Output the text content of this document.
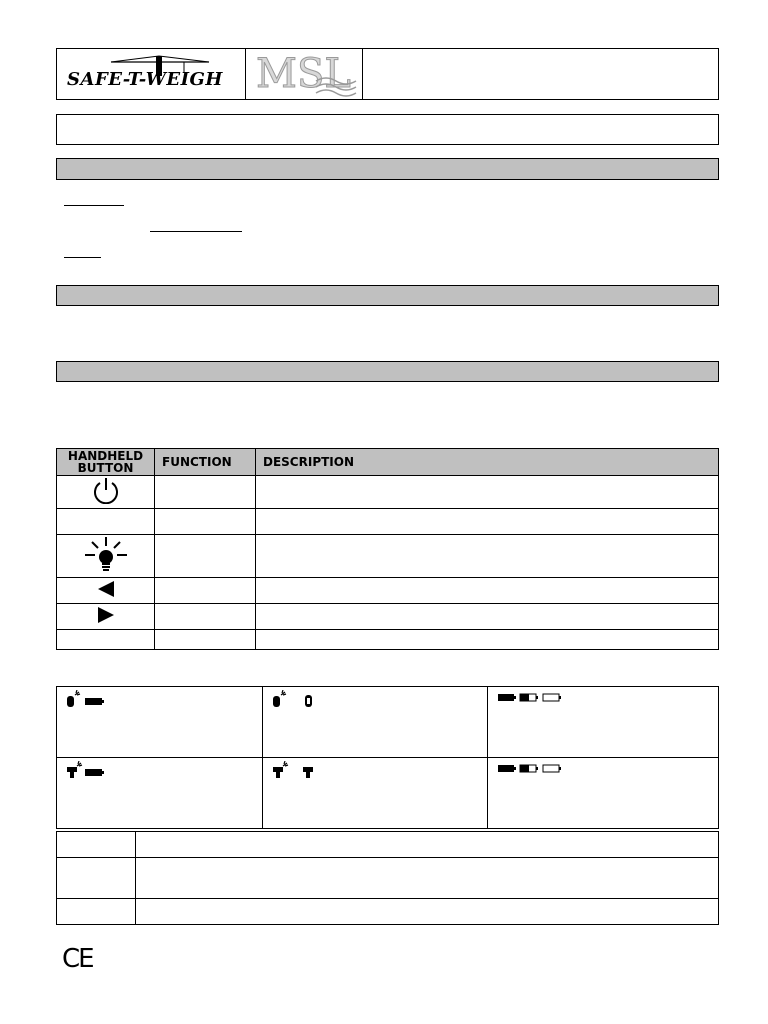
SAFE-T-WEIGH MSL
HANDHELD BUTTON	FUNCTION	DESCRIPTION

CE
